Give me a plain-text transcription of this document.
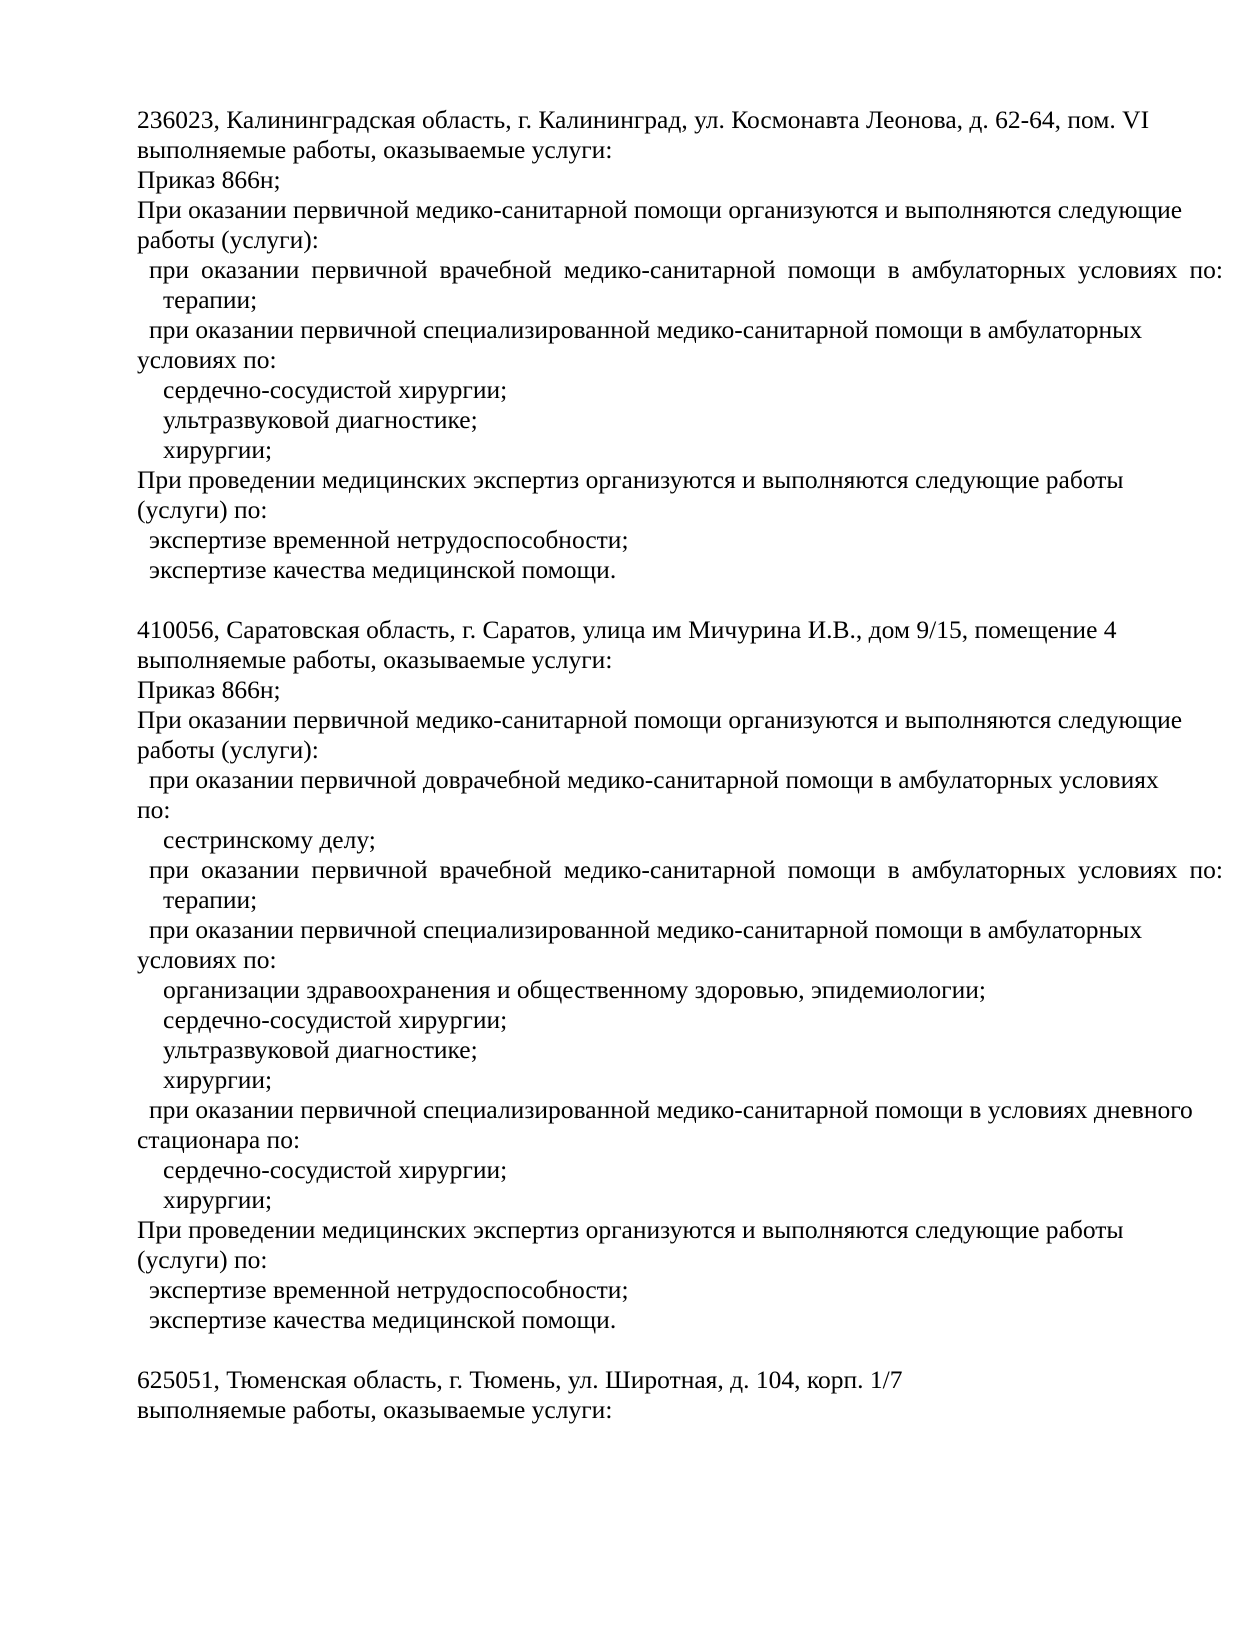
236023, Калининградская область, г. Калининград, ул. Космонавта Леонова, д. 62-64, пом. VI
выполняемые работы, оказываемые услуги:
Приказ 866н;
При оказании первичной медико-санитарной помощи организуются и выполняются следующие
работы (услуги):
при оказании первичной врачебной медико-санитарной помощи в амбулаторных условиях по:
терапии;
при оказании первичной специализированной медико-санитарной помощи в амбулаторных
условиях по:
сердечно-сосудистой хирургии;
ультразвуковой диагностике;
хирургии;
При проведении медицинских экспертиз организуются и выполняются следующие работы
(услуги) по:
экспертизе временной нетрудоспособности;
экспертизе качества медицинской помощи.
410056, Саратовская область, г. Саратов, улица им Мичурина И.В., дом 9/15, помещение 4
выполняемые работы, оказываемые услуги:
Приказ 866н;
При оказании первичной медико-санитарной помощи организуются и выполняются следующие
работы (услуги):
при оказании первичной доврачебной медико-санитарной помощи в амбулаторных условиях
по:
сестринскому делу;
при оказании первичной врачебной медико-санитарной помощи в амбулаторных условиях по:
терапии;
при оказании первичной специализированной медико-санитарной помощи в амбулаторных
условиях по:
организации здравоохранения и общественному здоровью, эпидемиологии;
сердечно-сосудистой хирургии;
ультразвуковой диагностике;
хирургии;
при оказании первичной специализированной медико-санитарной помощи в условиях дневного
стационара по:
сердечно-сосудистой хирургии;
хирургии;
При проведении медицинских экспертиз организуются и выполняются следующие работы
(услуги) по:
экспертизе временной нетрудоспособности;
экспертизе качества медицинской помощи.
625051, Тюменская область, г. Тюмень, ул. Широтная, д. 104, корп. 1/7
выполняемые работы, оказываемые услуги:
